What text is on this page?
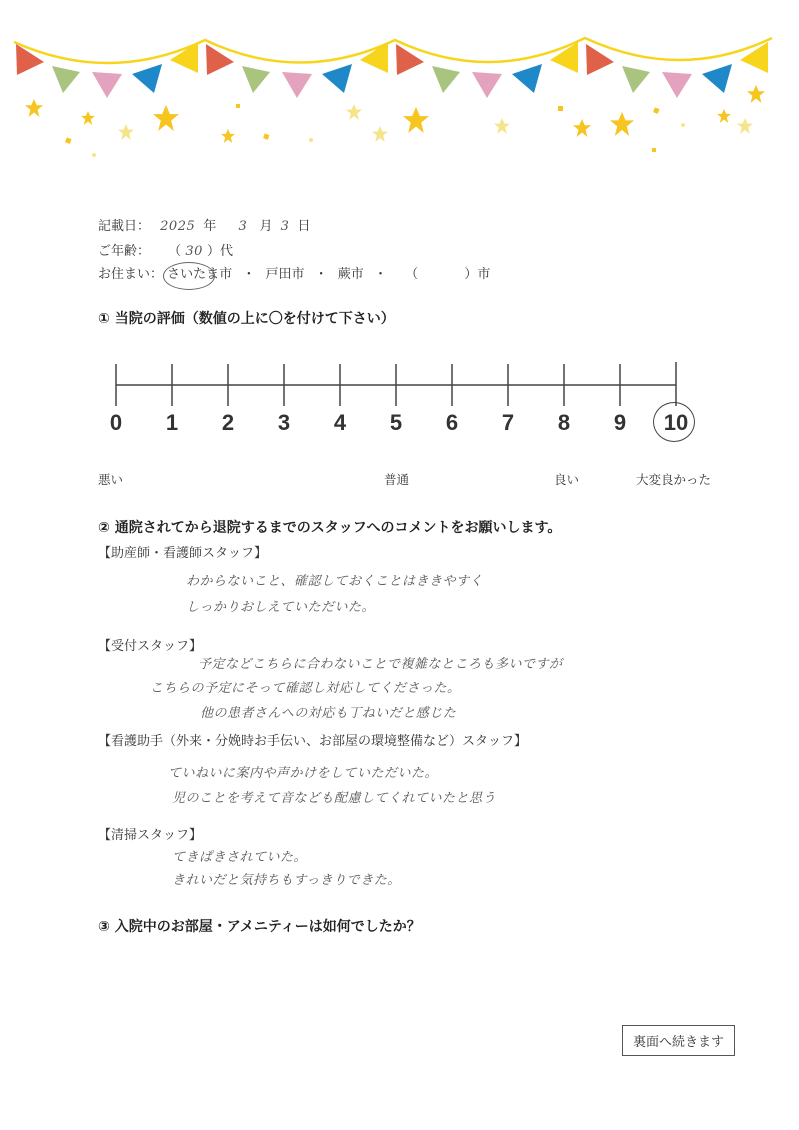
記載日： 2025 年 3 月 3 日
ご年齢： （ 30 ）代
お住まい： さいたま市 ・ 戸田市 ・ 蕨市 ・ （	）市
① 当院の評価（数値の上に〇を付けて下さい）
0	1	2	3	4	5	6	7	8	9	10
悪い	普通	良い	大変良かった
② 通院されてから退院するまでのスタッフへのコメントをお願いします。
【助産師・看護師スタッフ】
わからないこと、確認しておくことはききやすく
しっかりおしえていただいた。
【受付スタッフ】
予定などこちらに合わないことで複雑なところも多いですが
こちらの予定にそって確認し対応してくださった。
他の患者さんへの対応も丁ねいだと感じた
【看護助手（外来・分娩時お手伝い、お部屋の環境整備など）スタッフ】
ていねいに案内や声かけをしていただいた。
児のことを考えて音なども配慮してくれていたと思う
【清掃スタッフ】
てきぱきされていた。
きれいだと気持ちもすっきりできた。
③ 入院中のお部屋・アメニティーは如何でしたか？
裏面へ続きます
